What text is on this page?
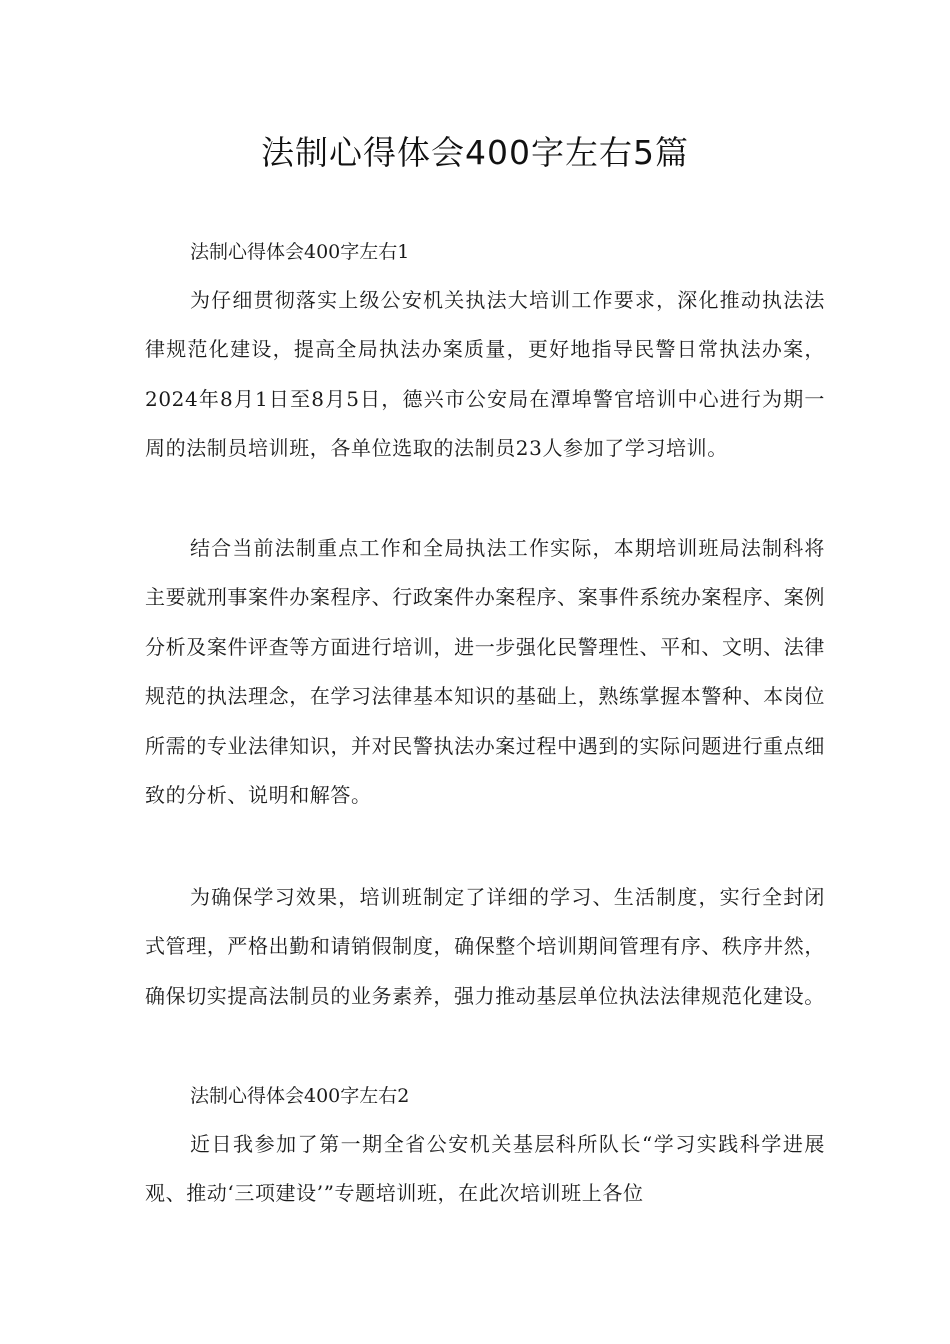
法制心得体会400字左右5篇

法制心得体会400字左右1

为仔细贯彻落实上级公安机关执法大培训工作要求，深化推动执法法律规范化建设，提高全局执法办案质量，更好地指导民警日常执法办案，2024年8月1日至8月5日，德兴市公安局在潭埠警官培训中心进行为期一周的法制员培训班，各单位选取的法制员23人参加了学习培训。

结合当前法制重点工作和全局执法工作实际，本期培训班局法制科将主要就刑事案件办案程序、行政案件办案程序、案事件系统办案程序、案例分析及案件评查等方面进行培训，进一步强化民警理性、平和、文明、法律规范的执法理念，在学习法律基本知识的基础上，熟练掌握本警种、本岗位所需的专业法律知识，并对民警执法办案过程中遇到的实际问题进行重点细致的分析、说明和解答。

为确保学习效果，培训班制定了详细的学习、生活制度，实行全封闭式管理，严格出勤和请销假制度，确保整个培训期间管理有序、秩序井然，确保切实提高法制员的业务素养，强力推动基层单位执法法律规范化建设。

法制心得体会400字左右2

近日我参加了第一期全省公安机关基层科所队长“学习实践科学进展观、推动‘三项建设’”专题培训班，在此次培训班上各位
